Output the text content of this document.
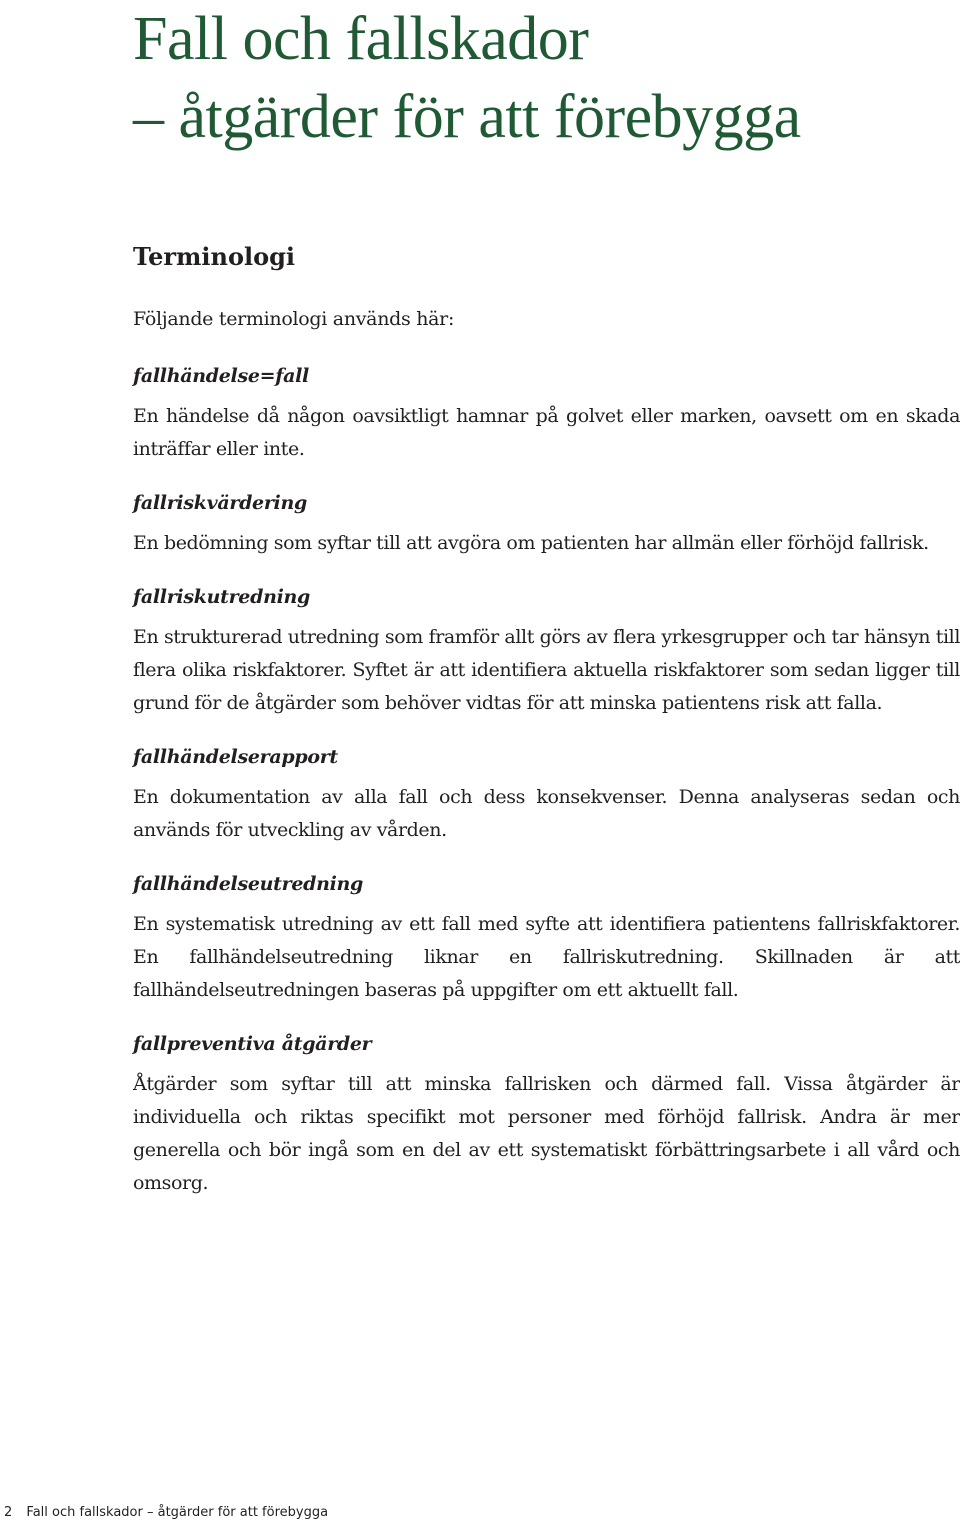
Fall och fallskador
– åtgärder för att förebygga
Terminologi

Följande terminologi används här:

fallhändelse=fall

En händelse då någon oavsiktligt hamnar på golvet eller marken, oavsett om en skada inträffar eller inte.

fallriskvärdering

En bedömning som syftar till att avgöra om patienten har allmän eller förhöjd fallrisk.

fallriskutredning

En strukturerad utredning som framför allt görs av flera yrkesgrupper och tar hänsyn till flera olika riskfaktorer. Syftet är att identifiera aktuella riskfaktorer som sedan ligger till grund för de åtgärder som behöver vidtas för att minska patientens risk att falla.

fallhändelserapport

En dokumentation av alla fall och dess konsekvenser. Denna analyseras sedan och används för utveckling av vården.

fallhändelseutredning

En systematisk utredning av ett fall med syfte att identifiera patientens fallriskfaktorer. En fallhändelseutredning liknar en fallriskutredning. Skillnaden är att fallhändelseutredningen baseras på uppgifter om ett aktuellt fall.

fallpreventiva åtgärder

Åtgärder som syftar till att minska fallrisken och därmed fall. Vissa åtgärder är individuella och riktas specifikt mot personer med förhöjd fallrisk. Andra är mer generella och bör ingå som en del av ett systematiskt förbättringsarbete i all vård och omsorg.

2 Fall och fallskador – åtgärder för att förebygga
